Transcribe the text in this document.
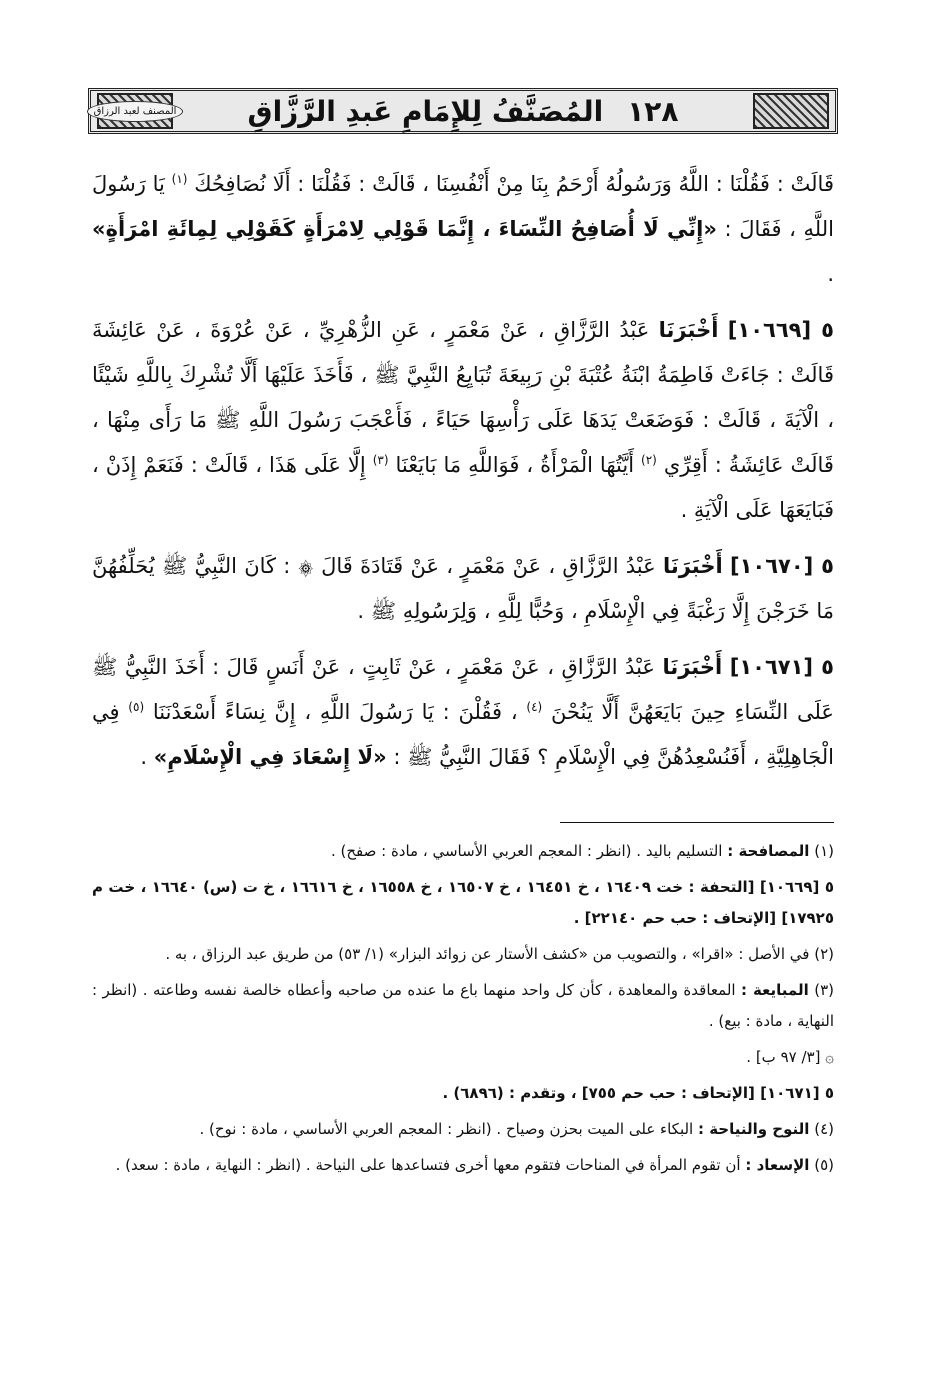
المصنف لعبد الرزاق	١٢٨
المُصَنَّفُ لِلإِمَامِ عَبدِ الرَّزَّاقِ

قَالَتْ : فَقُلْنَا : اللَّهُ وَرَسُولُهُ أَرْحَمُ بِنَا مِنْ أَنْفُسِنَا ، قَالَتْ : فَقُلْنَا : أَلَا نُصَافِحُكَ $^{(١)}$ يَا رَسُولَ اللَّهِ ، فَقَالَ : «إِنِّي لَا أُصَافِحُ النِّسَاءَ ، إِنَّمَا قَوْلِي لِامْرَأَةٍ كَقَوْلِي لِمِائَةِ امْرَأَةٍ» .

٥ [١٠٦٦٩] أَخْبَرَنَا عَبْدُ الرَّزَّاقِ ، عَنْ مَعْمَرٍ ، عَنِ الزُّهْرِيِّ ، عَنْ عُرْوَةَ ، عَنْ عَائِشَةَ قَالَتْ : جَاءَتْ فَاطِمَةُ ابْنَةُ عُتْبَةَ بْنِ رَبِيعَةَ تُبَايِعُ النَّبِيَّ ﷺ ، فَأَخَذَ عَلَيْهَا أَلَّا تُشْرِكَ بِاللَّهِ شَيْئًا ، الْآيَةَ ، قَالَتْ : فَوَضَعَتْ يَدَهَا عَلَى رَأْسِهَا حَيَاءً ، فَأَعْجَبَ رَسُولَ اللَّهِ ﷺ مَا رَأَى مِنْهَا ، قَالَتْ عَائِشَةُ : أَقِرِّي $^{(٢)}$ أَيَّتُهَا الْمَرْأَةُ ، فَوَاللَّهِ مَا بَايَعْنَا $^{(٣)}$ إِلَّا عَلَى هَذَا ، قَالَتْ : فَنَعَمْ إِذَنْ ، فَبَايَعَهَا عَلَى الْآيَةِ .

٥ [١٠٦٧٠] أَخْبَرَنَا عَبْدُ الرَّزَّاقِ ، عَنْ مَعْمَرٍ ، عَنْ قَتَادَةَ قَالَ ۞ : كَانَ النَّبِيُّ ﷺ يُحَلِّفُهُنَّ مَا خَرَجْنَ إِلَّا رَغْبَةً فِي الْإِسْلَامِ ، وَحُبًّا لِلَّهِ ، وَلِرَسُولِهِ ﷺ .

٥ [١٠٦٧١] أَخْبَرَنَا عَبْدُ الرَّزَّاقِ ، عَنْ مَعْمَرٍ ، عَنْ ثَابِتٍ ، عَنْ أَنَسٍ قَالَ : أَخَذَ النَّبِيُّ ﷺ عَلَى النِّسَاءِ حِينَ بَايَعَهُنَّ أَلَّا يَنُحْنَ $^{(٤)}$ ، فَقُلْنَ : يَا رَسُولَ اللَّهِ ، إِنَّ نِسَاءً أَسْعَدْنَنَا $^{(٥)}$ فِي الْجَاهِلِيَّةِ ، أَفَنُسْعِدُهُنَّ فِي الْإِسْلَامِ ؟ فَقَالَ النَّبِيُّ ﷺ : «لَا إِسْعَادَ فِي الْإِسْلَامِ» .

(١) المصافحة : التسليم باليد . (انظر : المعجم العربي الأساسي ، مادة : صفح) .

٥ [١٠٦٦٩] [التحفة : خت ١٦٤٠٩ ، خ ١٦٤٥١ ، خ ١٦٥٠٧ ، خ ١٦٥٥٨ ، خ ١٦٦١٦ ، خ ت (س) ١٦٦٤٠ ، خت م ١٧٩٢٥] [الإتحاف : حب حم ٢٢١٤٠] .

(٢) في الأصل : «اقرا» ، والتصويب من «كشف الأستار عن زوائد البزار» (١/ ٥٣) من طريق عبد الرزاق ، به .

(٣) المبايعة : المعاقدة والمعاهدة ، كأن كل واحد منهما باع ما عنده من صاحبه وأعطاه خالصة نفسه وطاعته . (انظر : النهاية ، مادة : بيع) .

۞ [٣/ ٩٧ ب] .

٥ [١٠٦٧١] [الإتحاف : حب حم ٧٥٥] ، وتقدم : (٦٨٩٦) .

(٤) النوح والنياحة : البكاء على الميت بحزن وصياح . (انظر : المعجم العربي الأساسي ، مادة : نوح) .

(٥) الإسعاد : أن تقوم المرأة في المناحات فتقوم معها أخرى فتساعدها على النياحة . (انظر : النهاية ، مادة : سعد) .
